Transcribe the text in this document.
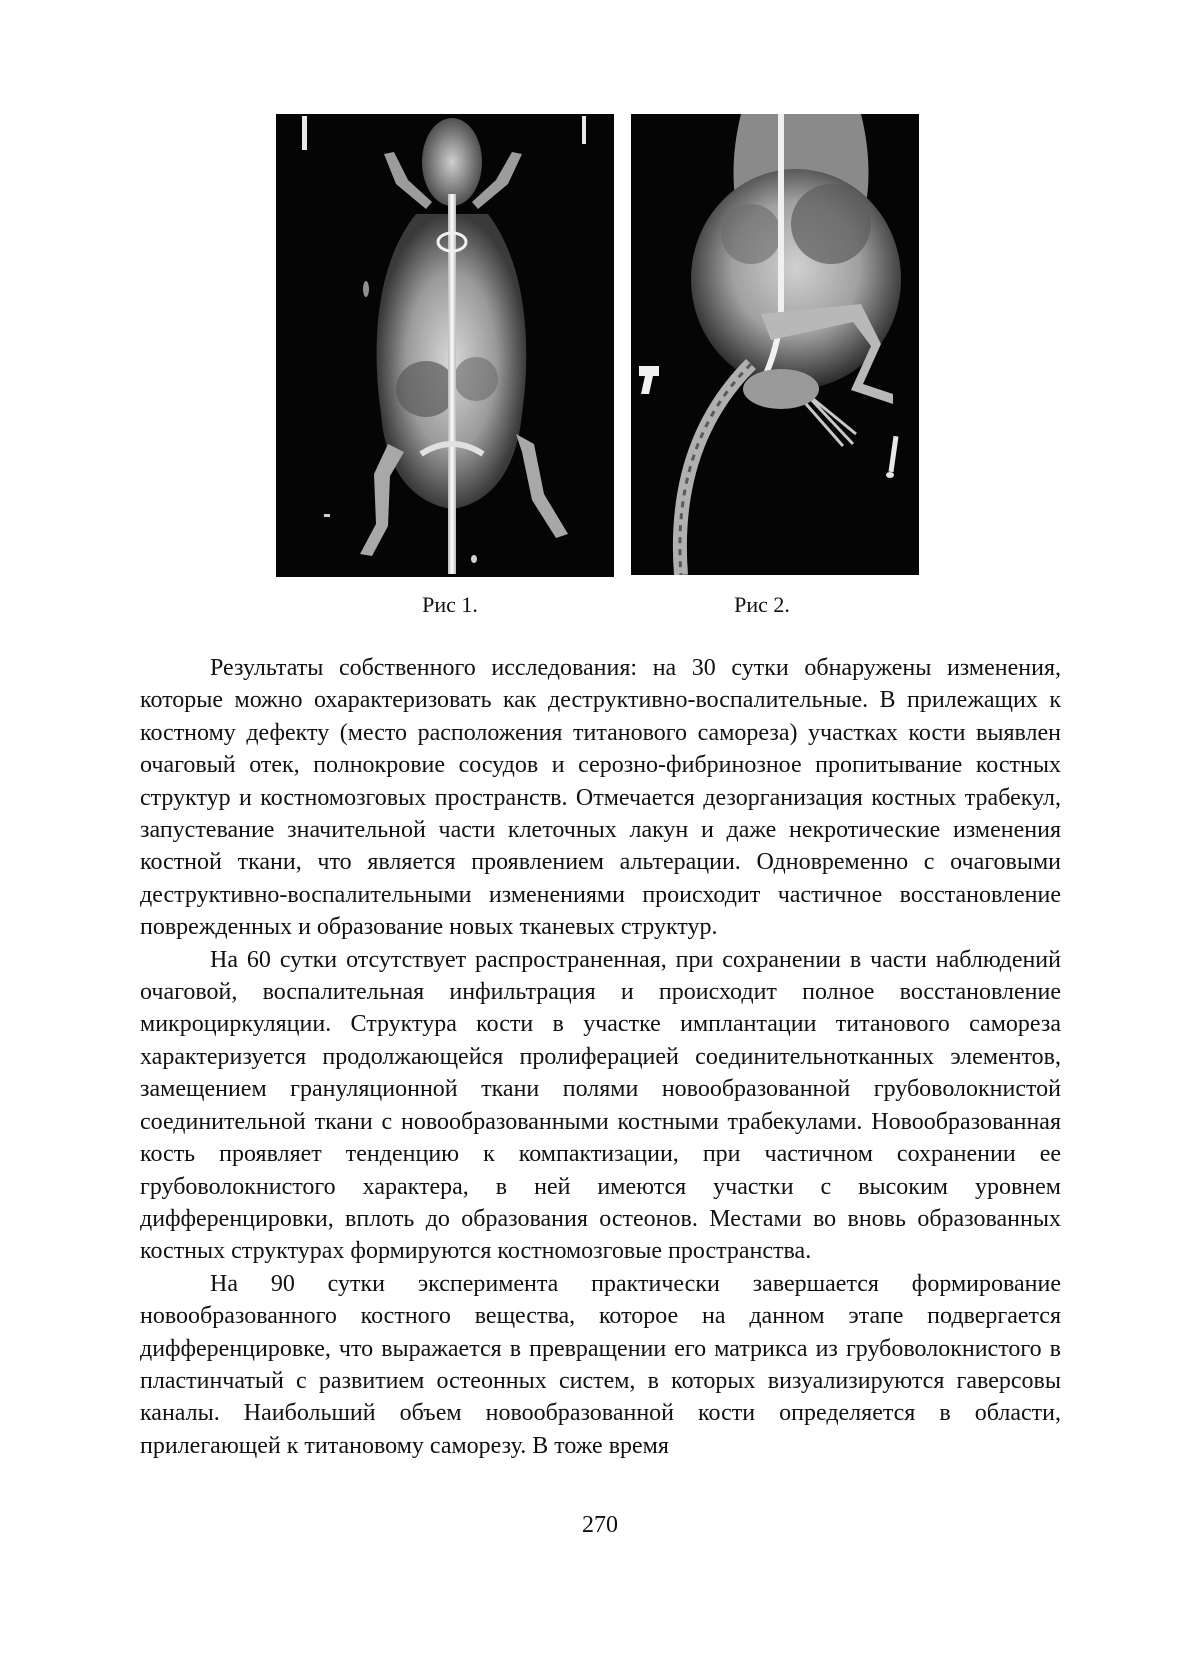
Рис 1.	Рис 2.

Результаты собственного исследования: на 30 сутки обнаружены изменения, которые можно охарактеризовать как деструктивно-воспалительные. В прилежащих к костному дефекту (место расположения титанового самореза) участках кости выявлен очаговый отек, полнокровие сосудов и серозно-фибринозное пропитывание костных структур и костномозговых пространств. Отмечается дезорганизация костных трабекул, запустевание значительной части клеточных лакун и даже некротические изменения костной ткани, что является проявлением альтерации. Одновременно с очаговыми деструктивно-воспалительными изменениями происходит частичное восстановление поврежденных и образование новых тканевых структур.

На 60 сутки отсутствует распространенная, при сохранении в части наблюдений очаговой, воспалительная инфильтрация и происходит полное восстановление микроциркуляции. Структура кости в участке имплантации титанового самореза характеризуется продолжающейся пролиферацией соединительнотканных элементов, замещением грануляционной ткани полями новообразованной грубоволокнистой соединительной ткани с новообразованными костными трабекулами. Новообразованная кость проявляет тенденцию к компактизации, при частичном сохранении ее грубоволокнистого характера, в ней имеются участки с высоким уровнем дифференцировки, вплоть до образования остеонов. Местами во вновь образованных костных структурах формируются костномозговые пространства.

На 90 сутки эксперимента практически завершается формирование новообразованного костного вещества, которое на данном этапе подвергается дифференцировке, что выражается в превращении его матрикса из грубоволокнистого в пластинчатый с развитием остеонных систем, в которых визуализируются гаверсовы каналы. Наибольший объем новообразованной кости определяется в области, прилегающей к титановому саморезу. В тоже время

270
